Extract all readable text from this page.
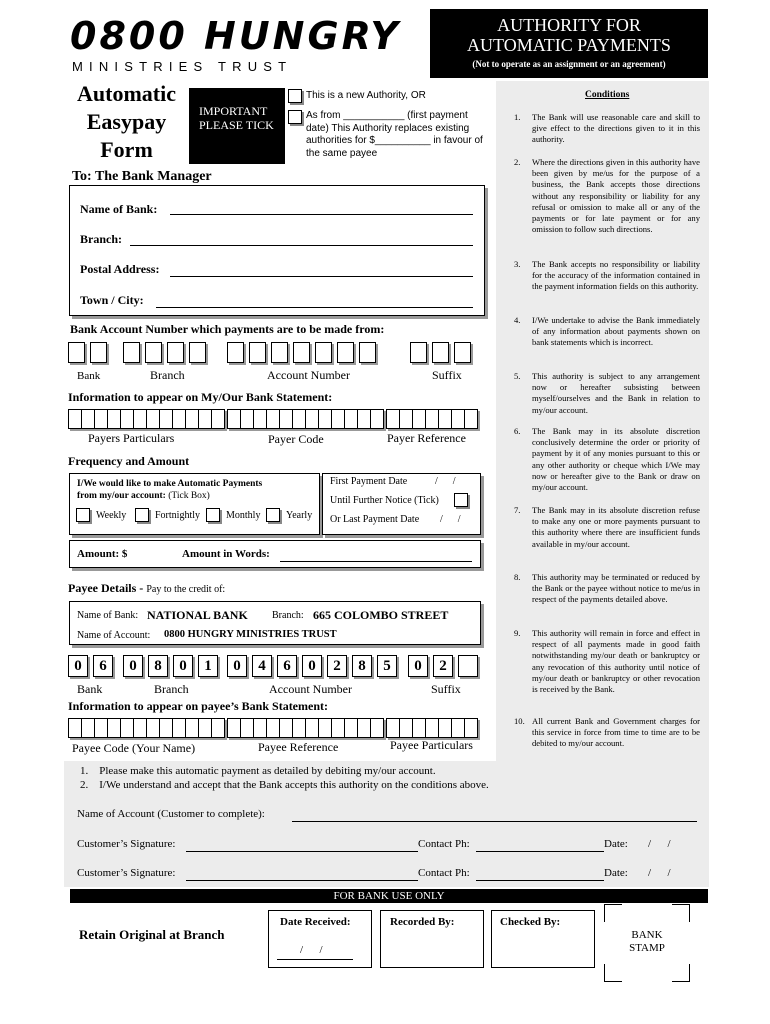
0800 HUNGRY
MINISTRIES TRUST
AUTHORITY FOR
AUTOMATIC PAYMENTS
(Not to operate as an assignment or an agreement)
Automatic
Easypay
Form
IMPORTANT
PLEASE TICK
This is a new Authority, OR
As from ___________ (first payment date) This Authority replaces existing authorities for $__________ in favour of the same payee
Conditions
1. The Bank will use reasonable care and skill to give effect to the directions given to it in this authority.
2. Where the directions given in this authority have been given by me/us for the purpose of a business, the Bank accepts those directions without any responsibility or liability for any refusal or omission to make all or any of the payments or for late payment or for any omission to follow such directions.
3. The Bank accepts no responsibility or liability for the accuracy of the information contained in the payment information fields on this authority.
4. I/We undertake to advise the Bank immediately of any information about payments shown on bank statements which is incorrect.
5. This authority is subject to any arrangement now or hereafter subsisting between myself/ourselves and the Bank in relation to my/our account.
6. The Bank may in its absolute discretion conclusively determine the order or priority of payment by it of any monies pursuant to this or any other authority or cheque which I/We may now or hereafter give to the Bank or draw on my/our account.
7. The Bank may in its absolute discretion refuse to make any one or more payments pursuant to this authority where there are insufficient funds available in my/our account.
8. This authority may be terminated or reduced by the Bank or the payee without notice to me/us in respect of the payments detailed above.
9. This authority will remain in force and effect in respect of all payments made in good faith notwithstanding my/our death or bankruptcy or any revocation of this authority until notice of my/our death or bankruptcy or other revocation is received by the Bank.
10. All current Bank and Government charges for this service in force from time to time are to be debited to my/our account.
To: The Bank Manager
Name of Bank:
Branch:
Postal Address:
Town / City:
Bank Account Number which payments are to be made from:
Bank	Branch	Account Number	Suffix
Information to appear on My/Our Bank Statement:
Payers Particulars	Payer Code	Payer Reference
Frequency and Amount
I/We would like to make Automatic Payments
from my/our account: (Tick Box)
Weekly	Fortnightly	Monthly	Yearly
First Payment Date	/      /
Until Further Notice (Tick)
Or Last Payment Date /      /
Amount: $	Amount in Words:
Payee Details - Pay to the credit of:
Name of Bank: NATIONAL BANK Branch: 665 COLOMBO STREET
Name of Account: 0800 HUNGRY MINISTRIES TRUST
0	6	0	8	0	1	0	4	6	0	2	8	5	0	2
Bank	Branch	Account Number	Suffix
Information to appear on payee’s Bank Statement:
Payee Code (Your Name)	Payee Reference	Payee Particulars
1.    Please make this automatic payment as detailed by debiting my/our account.
2.    I/We understand and accept that the Bank accepts this authority on the conditions above.
Name of Account (Customer to complete):
Customer’s Signature:	Contact Ph:	Date: /      /
Customer’s Signature:	Contact Ph:	Date: /      /
FOR BANK USE ONLY
Retain Original at Branch
Date Received:
/      /
Recorded By:	Checked By:
BANK
STAMP
